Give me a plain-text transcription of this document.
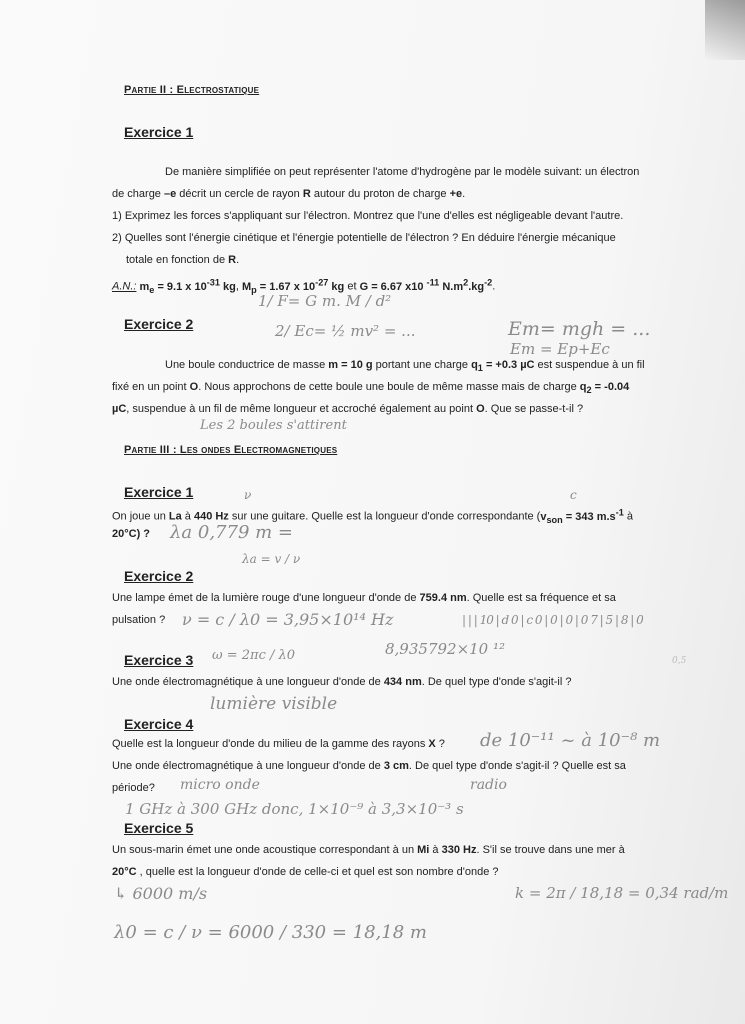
Partie II : Electrostatique
Exercice 1
De manière simplifiée on peut représenter l'atome d'hydrogène par le modèle suivant: un électron
de charge –e décrit un cercle de rayon R autour du proton de charge +e.
1) Exprimez les forces s'appliquant sur l'électron. Montrez que l'une d'elles est négligeable devant l'autre.
2) Quelles sont l'énergie cinétique et l'énergie potentielle de l'électron ? En déduire l'énergie mécanique
totale en fonction de R.
A.N.: $m_e = 9.1$ x $10^{-31}$ kg, $M_p = 1.67$ x $10^{-27}$ kg et G = 6.67 x10 $^{-11}$ $N.m^2.kg^{-2}$.
1/ F= G m. M / d²
2/ Ec= ½ mv² = ...	Em= mgh = ...
Em = Ep+Ec
Exercice 2
Une boule conductrice de masse m = 10 g portant une charge $q_1 = +0.3$ µC est suspendue à un fil
fixé en un point O. Nous approchons de cette boule une boule de même masse mais de charge $q_2 = -0.04$
µC, suspendue à un fil de même longueur et accroché également au point O. Que se passe-t-il ?
Les 2 boules s'attirent
Partie III : Les ondes Electromagnetiques
Exercice 1
On joue un La à 440 Hz sur une guitare. Quelle est la longueur d'onde correspondante ($v_{son} = 343$ $m.s^{-1}$ à
20°C) ? λa 0,779 m =
λa = v / ν
ν	c
Exercice 2
Une lampe émet de la lumière rouge d'une longueur d'onde de 759.4 nm. Quelle est sa fréquence et sa
pulsation ? ν = c / λ0 = 3,95×10¹⁴ Hz
8,935792×10 ¹²
| | | 10 | d 0 | c 0 | 0 | 0 | 0 7 | 5 | 8 | 0
Exercice 3
Une onde électromagnétique à une longueur d'onde de 434 nm. De quel type d'onde s'agit-il ?
ω = 2πc / λ0
lumière visible
0,5
Exercice 4
Quelle est la longueur d'onde du milieu de la gamme des rayons X ?
Une onde électromagnétique à une longueur d'onde de 3 cm. De quel type d'onde s'agit-il ? Quelle est sa
période?
de 10⁻¹¹ ~ à 10⁻⁸ m
micro onde	radio
1 GHz à 300 GHz donc, 1×10⁻⁹ à 3,3×10⁻³ s
Exercice 5
Un sous-marin émet une onde acoustique correspondant à un Mi à 330 Hz. S'il se trouve dans une mer à
20°C , quelle est la longueur d'onde de celle-ci et quel est son nombre d'onde ?
↳ 6000 m/s	k = 2π / 18,18 = 0,34 rad/m
λ0 = c / ν = 6000 / 330 = 18,18 m
